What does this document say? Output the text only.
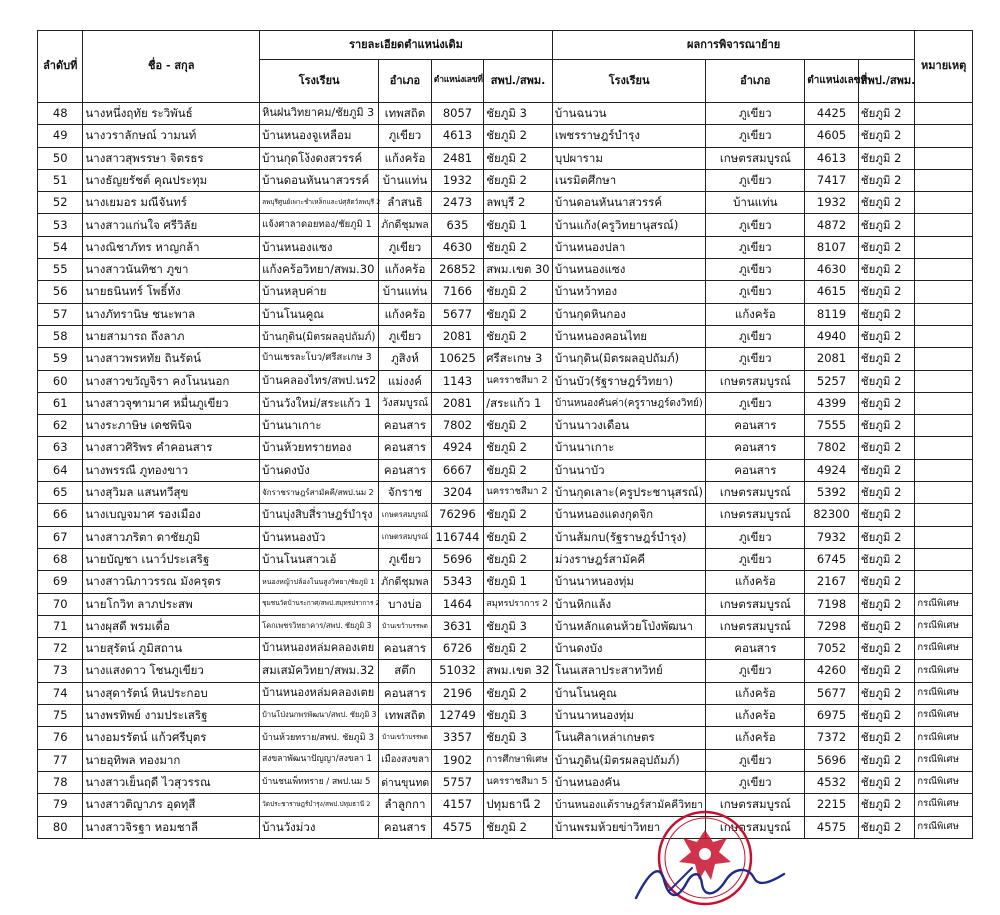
ลำดับที่	ชื่อ - สกุล	รายละเอียดตำแหน่งเดิม				ผลการพิจารณาย้าย				หมายเหตุ
		โรงเรียน	อำเภอ	ตำแหน่งเลขที่	สพป./สพม.	โรงเรียน	อำเภอ	ตำแหน่งเลขที่	สพป./สพม.	
48	นางหนึ่งฤทัย ระวิพันธ์	หินฝนวิทยาคม/ชัยภูมิ 3	เทพสถิต	8057	ชัยภูมิ 3	บ้านฉนวน	ภูเขียว	4425	ชัยภูมิ 2	
49	นางวราลักษณ์ วามนท์	บ้านหนองจูเหลือม	ภูเขียว	4613	ชัยภูมิ 2	เพชรราษฎร์บำรุง	ภูเขียว	4605	ชัยภูมิ 2	
50	นางสาวสุพรรษา จิตรธร	บ้านกุดโง้งดงสวรรค์	แก้งคร้อ	2481	ชัยภูมิ 2	บุปผาราม	เกษตรสมบูรณ์	4613	ชัยภูมิ 2	
51	นางธัญยรัชต์ คุณประทุม	บ้านดอนหันนาสวรรค์	บ้านแท่น	1932	ชัยภูมิ 2	เนรมิตศึกษา	ภูเขียว	7417	ชัยภูมิ 2	
52	นางเยมอร มณีจันทร์	ลพบุรีศูนย์เพาะชำเหล็กและปศุสัตว์ลพบุรี 2	ลำสนธิ	2473	ลพบุรี 2	บ้านดอนหันนาสวรรค์	บ้านแท่น	1932	ชัยภูมิ 2	
53	นางสาวแก่นใจ ศรีวิลัย	แจ้งศาลาดอยทอง/ชัยภูมิ 1	ภักดีชุมพล	635	ชัยภูมิ 1	บ้านแก้ง(ครูวิทยานุสรณ์)	ภูเขียว	4872	ชัยภูมิ 2	
54	นางณิชาภัทร หาญกล้า	บ้านหนองแซง	ภูเขียว	4630	ชัยภูมิ 2	บ้านหนองปลา	ภูเขียว	8107	ชัยภูมิ 2	
55	นางสาวนันทิชา ภูขา	แก้งคร้อวิทยา/สพม.30	แก้งคร้อ	26852	สพม.เขต 30	บ้านหนองแซง	ภูเขียว	4630	ชัยภูมิ 2	
56	นายธนินทร์ โพธิ์ทัง	บ้านหลุบค่าย	บ้านแท่น	7166	ชัยภูมิ 2	บ้านหว้าทอง	ภูเขียว	4615	ชัยภูมิ 2	
57	นางภัทรานิษ ชนะพาล	บ้านโนนคูณ	แก้งคร้อ	5677	ชัยภูมิ 2	บ้านกุดหินกอง	แก้งคร้อ	8119	ชัยภูมิ 2	
58	นายสามารถ ถึงลาภ	บ้านกุดิน(มิตรผลอุปถัมภ์)	ภูเขียว	2081	ชัยภูมิ 2	บ้านหนองคอนไทย	ภูเขียว	4940	ชัยภูมิ 2	
59	นางสาวพรหทัย ถินรัตน์	บ้านเชรละโบว/ศรีสะเกษ 3	ภูสิงห์	10625	ศรีสะเกษ 3	บ้านกุดิน(มิตรผลอุปถัมภ์)	ภูเขียว	2081	ชัยภูมิ 2	
60	นางสาวขวัญจิรา คงโนนนอก	บ้านคลองไทร/สพป.นร2	แม่งงค์	1143	นครราชสีมา 2	บ้านบัว(รัฐราษฎร์วิทยา)	เกษตรสมบูรณ์	5257	ชัยภูมิ 2	
61	นางสาวจุฑามาศ หมื่นภูเขียว	บ้านวังใหม่/สระแก้ว 1	วังสมบูรณ์	2081	/สระแก้ว 1	บ้านหนองคันค่า(ครูราษฎร์ดงวิทย์)	ภูเขียว	4399	ชัยภูมิ 2	
62	นางระภาษิษ เดชพินิจ	บ้านนาเกาะ	คอนสาร	7802	ชัยภูมิ 2	บ้านนาวงเดือน	คอนสาร	7555	ชัยภูมิ 2	
63	นางสาวศิริพร คำคอนสาร	บ้านห้วยทรายทอง	คอนสาร	4924	ชัยภูมิ 2	บ้านนาเกาะ	คอนสาร	7802	ชัยภูมิ 2	
64	นางพรรณี ภูทองขาว	บ้านดงบัง	คอนสาร	6667	ชัยภูมิ 2	บ้านนาบัว	คอนสาร	4924	ชัยภูมิ 2	
65	นางสุวิมล แสนทวีสุข	จักราชราษฎร์สามัคคี/สพป.นม 2	จักราช	3204	นครราชสีมา 2	บ้านกุดเลาะ(ครูประชานุสรณ์)	เกษตรสมบูรณ์	5392	ชัยภูมิ 2	
66	นางเบญจมาศ รองเมือง	บ้านบุ่งสิบสี่ราษฎร์บำรุง	เกษตรสมบูรณ์	76296	ชัยภูมิ 2	บ้านหนองแดงกุดจิก	เกษตรสมบูรณ์	82300	ชัยภูมิ 2	
67	นางสาวภริตา ดาชัยภูมิ	บ้านหนองบัว	เกษตรสมบูรณ์	116744	ชัยภูมิ 2	บ้านส้มกบ(รัฐราษฎร์บำรุง)	ภูเขียว	7932	ชัยภูมิ 2	
68	นายบัญชา เนาว์ประเสริฐ	บ้านโนนสาวเอ้	ภูเขียว	5696	ชัยภูมิ 2	ม่วงราษฎร์สามัคคี	ภูเขียว	6745	ชัยภูมิ 2	
69	นางสาวนิภาวรรณ มังครุตร	หนองหญ้าปล้องโนนสูงวิทยา/ชัยภูมิ 1	ภักดีชุมพล	5343	ชัยภูมิ 1	บ้านนาหนองทุ่ม	แก้งคร้อ	2167	ชัยภูมิ 2	
70	นายโกวิท ลาภประสพ	ชุมชนวัดบ้านระกาศ/สพป.สมุทรปราการ 2	บางบ่อ	1464	สมุทรปราการ 2	บ้านหิกแล้ง	เกษตรสมบูรณ์	7198	ชัยภูมิ 2	กรณีพิเศษ
71	นางผุสดี พรมเดื่อ	โคกเพชรวิทยาคาร/สพป. ชัยภูมิ 3	บ้านเขว้าบรรพต	3631	ชัยภูมิ 3	บ้านหลักแดนห้วยโป่งพัฒนา	เกษตรสมบูรณ์	7298	ชัยภูมิ 2	กรณีพิเศษ
72	นายสุรัตน์ ภูมิสถาน	บ้านหนองหล่มคลองเตย	คอนสาร	6726	ชัยภูมิ 2	บ้านดงบัง	คอนสาร	7052	ชัยภูมิ 2	กรณีพิเศษ
73	นางแสงดาว โชนภูเขียว	สมเสมัควิทยา/สพม.32	สตึก	51032	สพม.เขต 32	โนนเสลาประสาทวิทย์	ภูเขียว	4260	ชัยภูมิ 2	กรณีพิเศษ
74	นางสุดารัตน์ หินประกอบ	บ้านหนองหล่มคลองเตย	คอนสาร	2196	ชัยภูมิ 2	บ้านโนนคูณ	แก้งคร้อ	5677	ชัยภูมิ 2	กรณีพิเศษ
75	นางพรทิพย์ งามประเสริฐ	บ้านโป่งนกพรพัฒนา/สพป. ชัยภูมิ 3	เทพสถิต	12749	ชัยภูมิ 3	บ้านนาหนองทุ่ม	แก้งคร้อ	6975	ชัยภูมิ 2	กรณีพิเศษ
76	นางอมรรัตน์ แก้วศรีบุตร	บ้านห้วยทราย/สพป. ชัยภูมิ 3	บ้านเขว้าบรรพต	3357	ชัยภูมิ 3	โนนศิลาเหล่าเกษตร	แก้งคร้อ	7372	ชัยภูมิ 2	กรณีพิเศษ
77	นายอุทิพล ทองมาก	สงขลาพัฒนาปัญญา/สงขลา 1	เมืองสงขลา	1902	การศึกษาพิเศษ	บ้านภูดิน(มิตรผลอุปถัมภ์)	ภูเขียว	5696	ชัยภูมิ 2	กรณีพิเศษ
78	นางสาวเย็นฤดี ไวสุวรรณ	บ้านชนเพ็ททราย / สพป.นม 5	ด่านขุนทด	5757	นครราชสีมา 5	บ้านหนองคัน	ภูเขียว	4532	ชัยภูมิ 2	กรณีพิเศษ
79	นางสาวติญาภร อุดทุสี	วัดประชาราษฎร์บำรุง/สพป.ปทุมธานี 2	ลำลูกกา	4157	ปทุมธานี 2	บ้านหนองแต้ราษฎร์สามัคคีวิทยา	เกษตรสมบูรณ์	2215	ชัยภูมิ 2	กรณีพิเศษ
80	นางสาวจิรฐา หอมชาลี	บ้านวังม่วง	คอนสาร	4575	ชัยภูมิ 2	บ้านพรมห้วยข่าวิทยา	เกษตรสมบูรณ์	4575	ชัยภูมิ 2	กรณีพิเศษ
